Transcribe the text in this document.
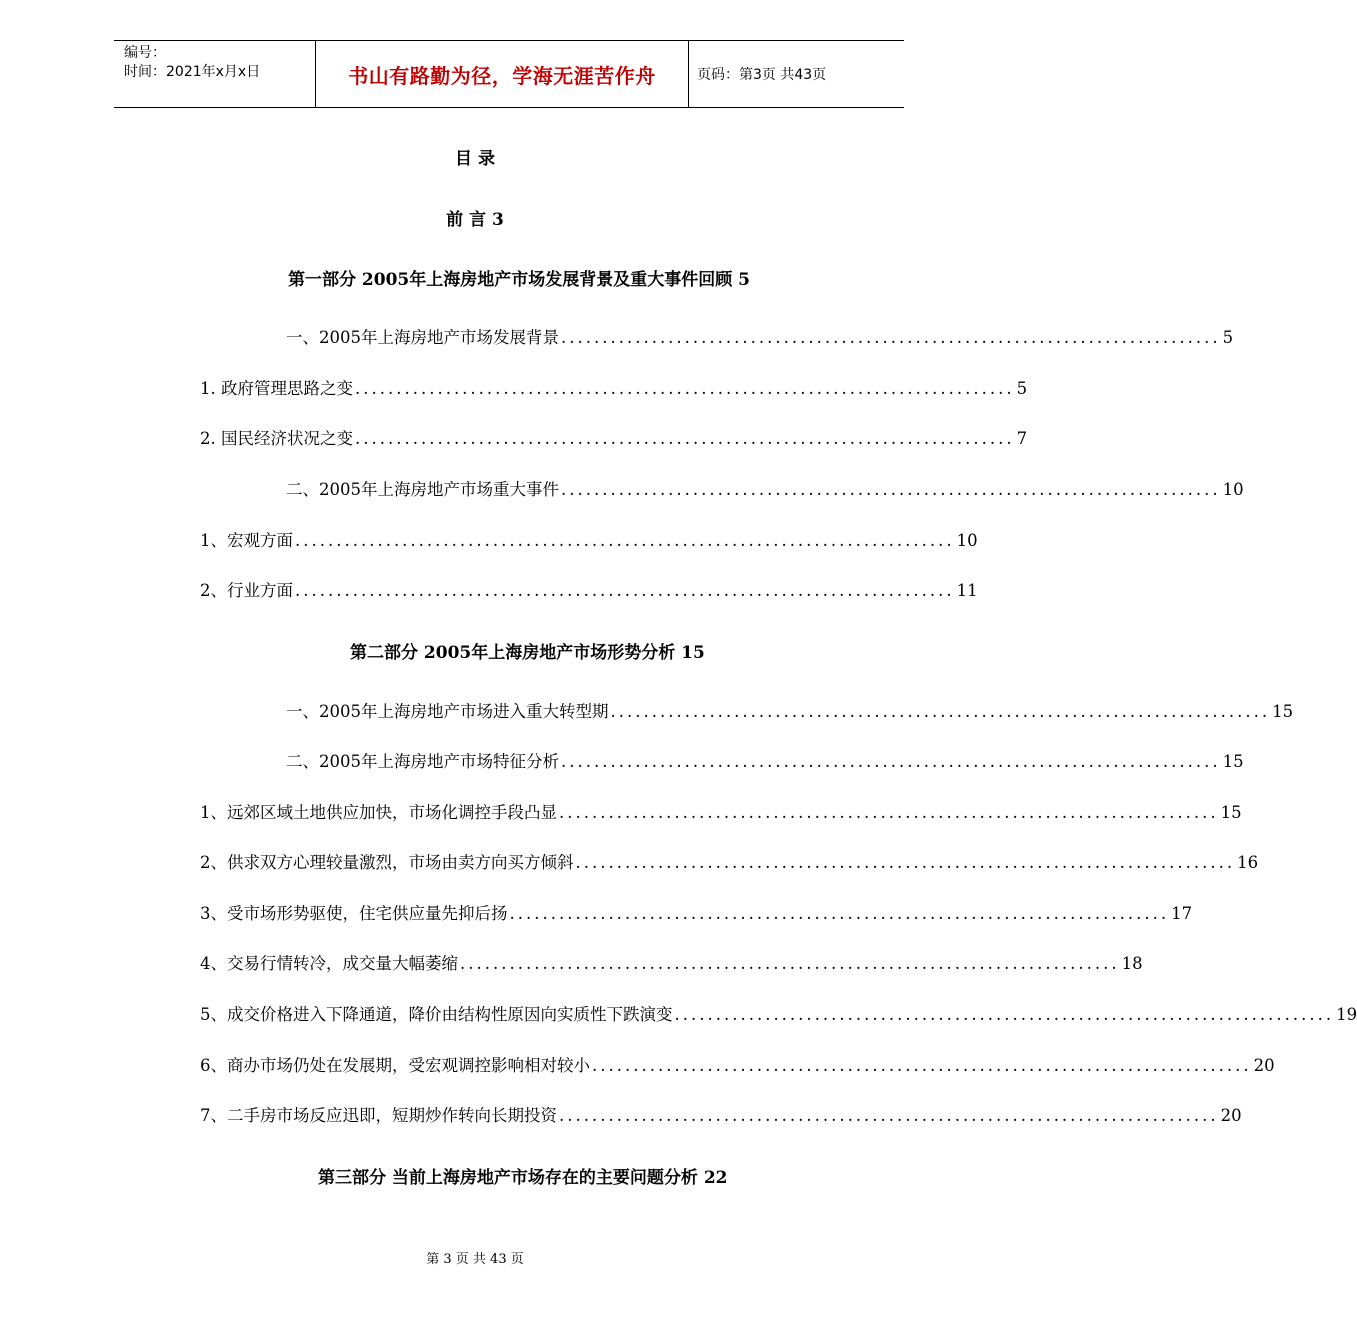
编号：
时间：2021年x月x日	书山有路勤为径，学海无涯苦作舟	页码：第3页 共43页
目 录
前 言 3
第一部分 2005年上海房地产市场发展背景及重大事件回顾 5
一、2005年上海房地产市场发展背景 ................................................................................ 5
1. 政府管理思路之变 ................................................................................ 5
2. 国民经济状况之变 ................................................................................ 7
二、2005年上海房地产市场重大事件 ................................................................................ 10
1、宏观方面 ................................................................................ 10
2、行业方面 ................................................................................ 11
第二部分 2005年上海房地产市场形势分析 15
一、2005年上海房地产市场进入重大转型期 ................................................................................ 15
二、2005年上海房地产市场特征分析 ................................................................................ 15
1、远郊区域土地供应加快，市场化调控手段凸显 ................................................................................ 15
2、供求双方心理较量激烈，市场由卖方向买方倾斜 ................................................................................ 16
3、受市场形势驱使，住宅供应量先抑后扬 ................................................................................ 17
4、交易行情转冷，成交量大幅萎缩 ................................................................................ 18
5、成交价格进入下降通道，降价由结构性原因向实质性下跌演变 ................................................................................ 19
6、商办市场仍处在发展期，受宏观调控影响相对较小 ................................................................................ 20
7、二手房市场反应迅即，短期炒作转向长期投资 ................................................................................ 20
第三部分 当前上海房地产市场存在的主要问题分析 22
第 3 页 共 43 页
